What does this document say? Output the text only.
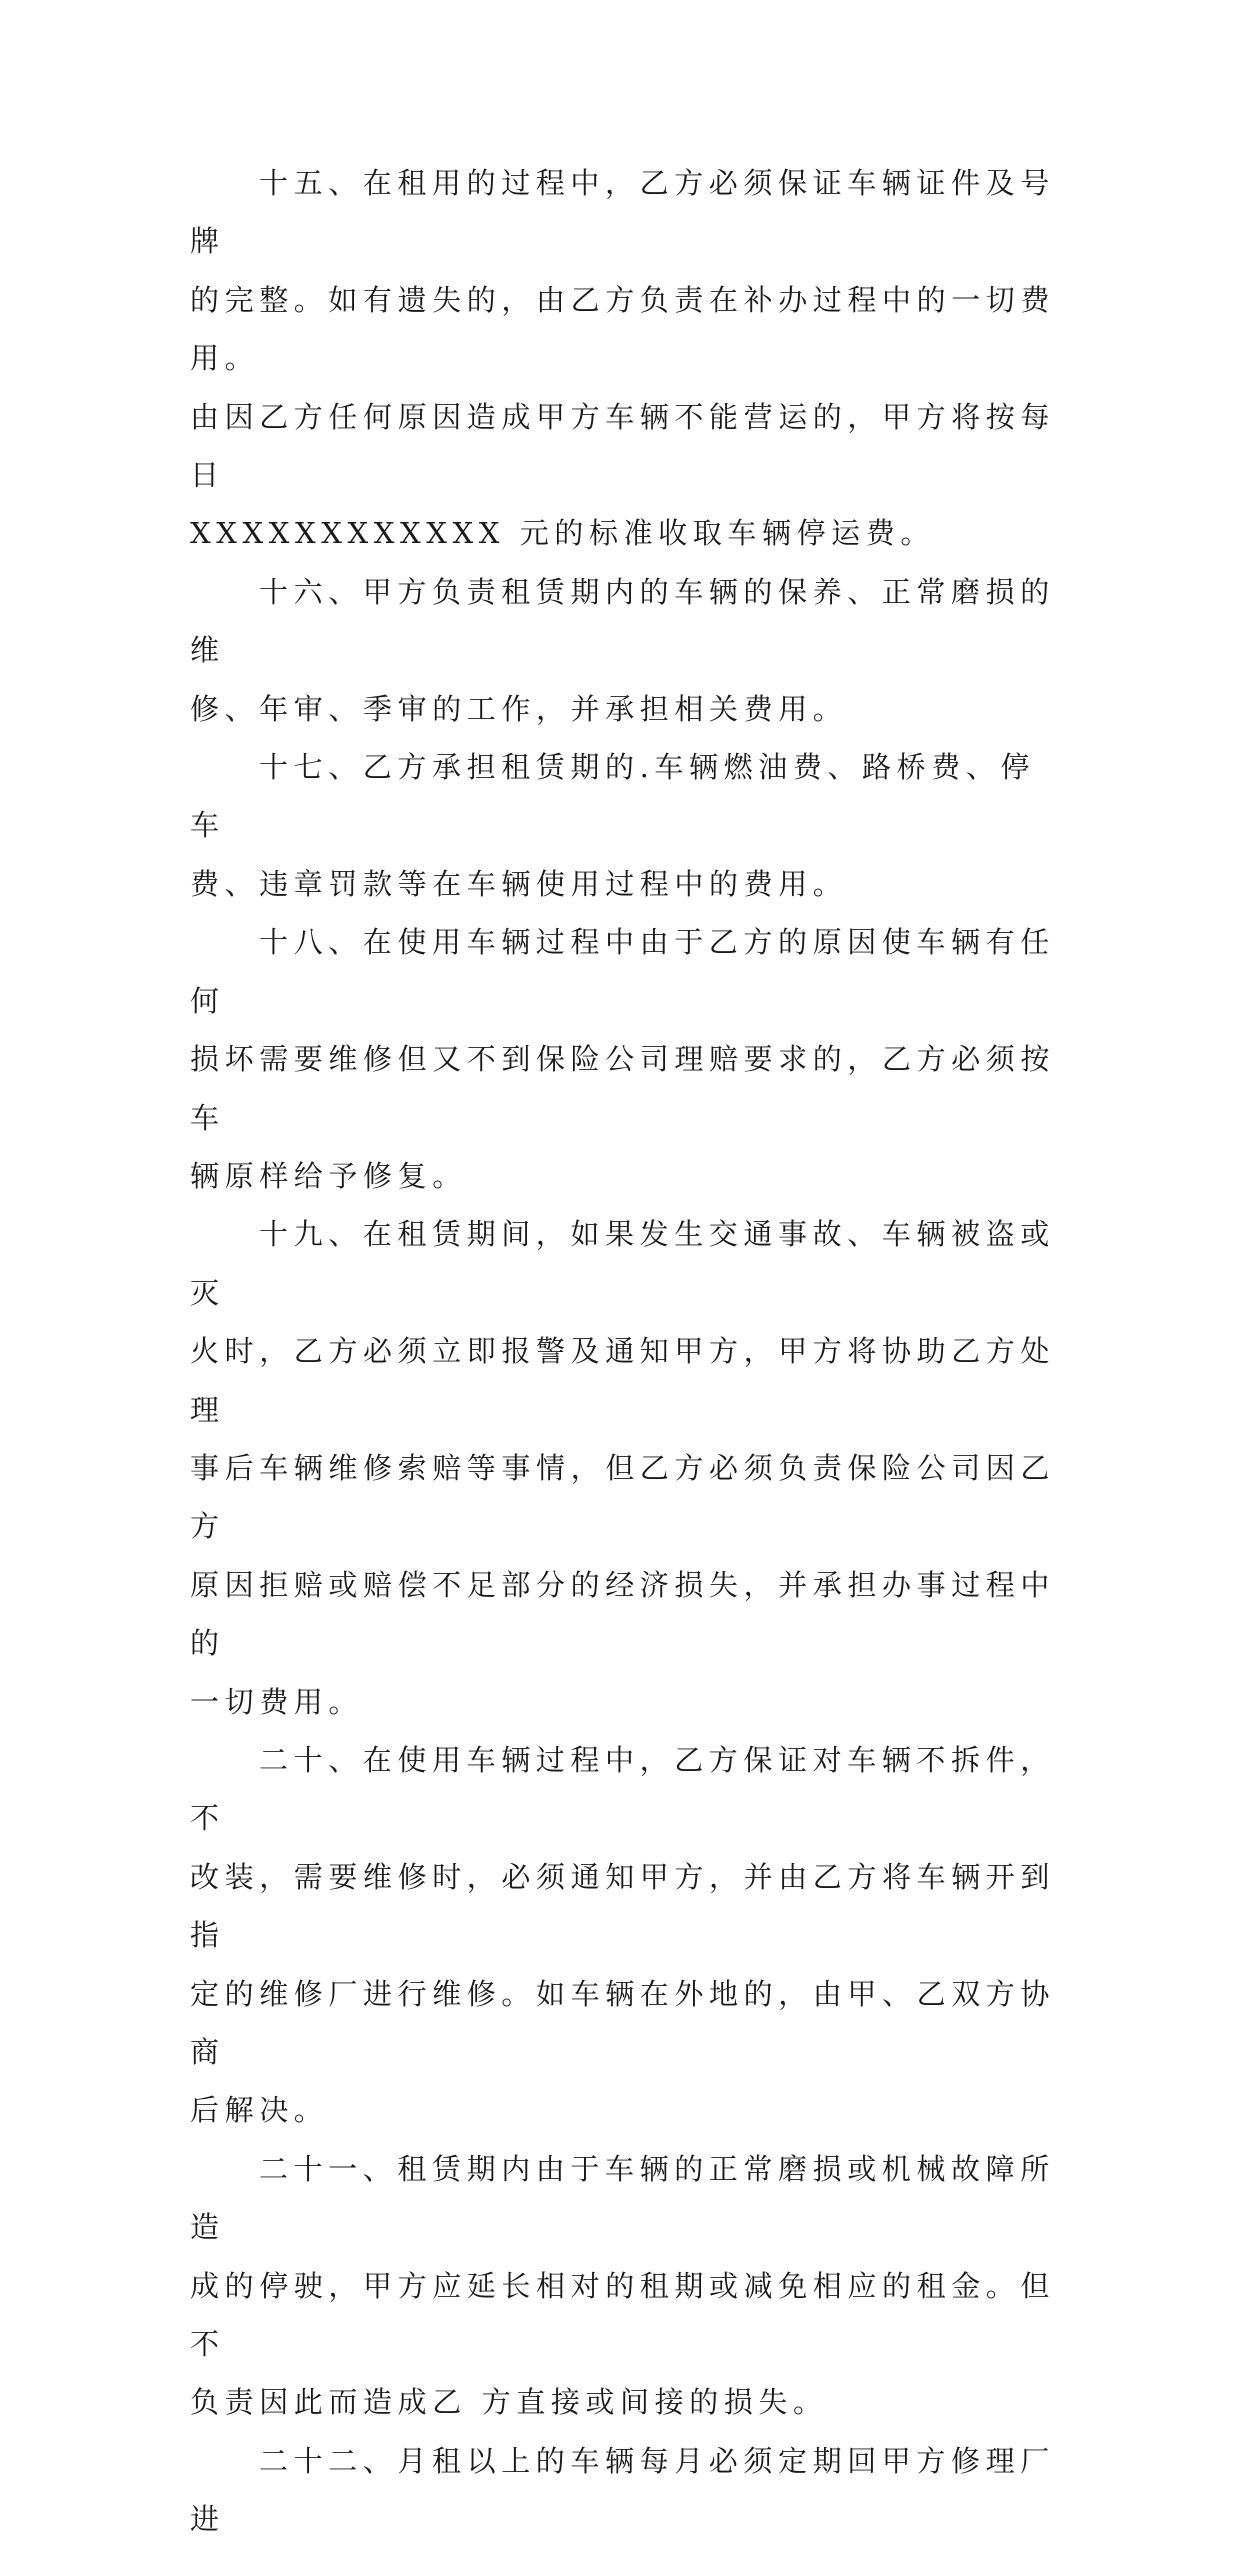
十五、在租用的过程中，乙方必须保证车辆证件及号牌
的完整。如有遗失的，由乙方负责在补办过程中的一切费用。
由因乙方任何原因造成甲方车辆不能营运的，甲方将按每日
XXXXXXXXXXXX 元的标准收取车辆停运费。

十六、甲方负责租赁期内的车辆的保养、正常磨损的维
修、年审、季审的工作，并承担相关费用。

十七、乙方承担租赁期的.车辆燃油费、路桥费、停车
费、违章罚款等在车辆使用过程中的费用。

十八、在使用车辆过程中由于乙方的原因使车辆有任何
损坏需要维修但又不到保险公司理赔要求的，乙方必须按车
辆原样给予修复。

十九、在租赁期间，如果发生交通事故、车辆被盗或灭
火时，乙方必须立即报警及通知甲方，甲方将协助乙方处理
事后车辆维修索赔等事情，但乙方必须负责保险公司因乙方
原因拒赔或赔偿不足部分的经济损失，并承担办事过程中的
一切费用。

二十、在使用车辆过程中，乙方保证对车辆不拆件，不
改装，需要维修时，必须通知甲方，并由乙方将车辆开到指
定的维修厂进行维修。如车辆在外地的，由甲、乙双方协商
后解决。

二十一、租赁期内由于车辆的正常磨损或机械故障所造
成的停驶，甲方应延长相对的租期或减免相应的租金。但不
负责因此而造成乙 方直接或间接的损失。

二十二、月租以上的车辆每月必须定期回甲方修理厂进
